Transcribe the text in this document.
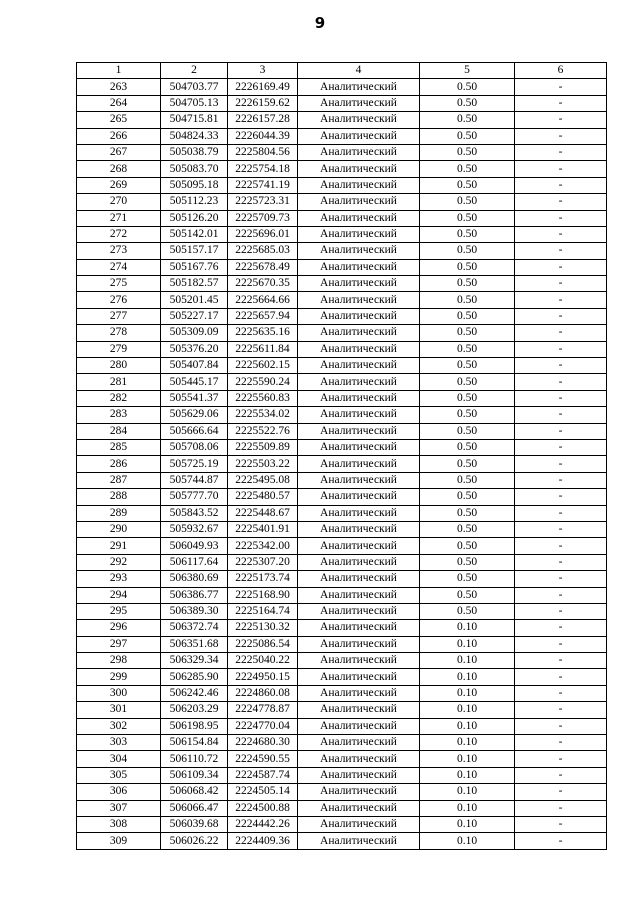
9
1	2	3	4	5	6
263	504703.77	2226169.49	Аналитический	0.50	-
264	504705.13	2226159.62	Аналитический	0.50	-
265	504715.81	2226157.28	Аналитический	0.50	-
266	504824.33	2226044.39	Аналитический	0.50	-
267	505038.79	2225804.56	Аналитический	0.50	-
268	505083.70	2225754.18	Аналитический	0.50	-
269	505095.18	2225741.19	Аналитический	0.50	-
270	505112.23	2225723.31	Аналитический	0.50	-
271	505126.20	2225709.73	Аналитический	0.50	-
272	505142.01	2225696.01	Аналитический	0.50	-
273	505157.17	2225685.03	Аналитический	0.50	-
274	505167.76	2225678.49	Аналитический	0.50	-
275	505182.57	2225670.35	Аналитический	0.50	-
276	505201.45	2225664.66	Аналитический	0.50	-
277	505227.17	2225657.94	Аналитический	0.50	-
278	505309.09	2225635.16	Аналитический	0.50	-
279	505376.20	2225611.84	Аналитический	0.50	-
280	505407.84	2225602.15	Аналитический	0.50	-
281	505445.17	2225590.24	Аналитический	0.50	-
282	505541.37	2225560.83	Аналитический	0.50	-
283	505629.06	2225534.02	Аналитический	0.50	-
284	505666.64	2225522.76	Аналитический	0.50	-
285	505708.06	2225509.89	Аналитический	0.50	-
286	505725.19	2225503.22	Аналитический	0.50	-
287	505744.87	2225495.08	Аналитический	0.50	-
288	505777.70	2225480.57	Аналитический	0.50	-
289	505843.52	2225448.67	Аналитический	0.50	-
290	505932.67	2225401.91	Аналитический	0.50	-
291	506049.93	2225342.00	Аналитический	0.50	-
292	506117.64	2225307.20	Аналитический	0.50	-
293	506380.69	2225173.74	Аналитический	0.50	-
294	506386.77	2225168.90	Аналитический	0.50	-
295	506389.30	2225164.74	Аналитический	0.50	-
296	506372.74	2225130.32	Аналитический	0.10	-
297	506351.68	2225086.54	Аналитический	0.10	-
298	506329.34	2225040.22	Аналитический	0.10	-
299	506285.90	2224950.15	Аналитический	0.10	-
300	506242.46	2224860.08	Аналитический	0.10	-
301	506203.29	2224778.87	Аналитический	0.10	-
302	506198.95	2224770.04	Аналитический	0.10	-
303	506154.84	2224680.30	Аналитический	0.10	-
304	506110.72	2224590.55	Аналитический	0.10	-
305	506109.34	2224587.74	Аналитический	0.10	-
306	506068.42	2224505.14	Аналитический	0.10	-
307	506066.47	2224500.88	Аналитический	0.10	-
308	506039.68	2224442.26	Аналитический	0.10	-
309	506026.22	2224409.36	Аналитический	0.10	-
